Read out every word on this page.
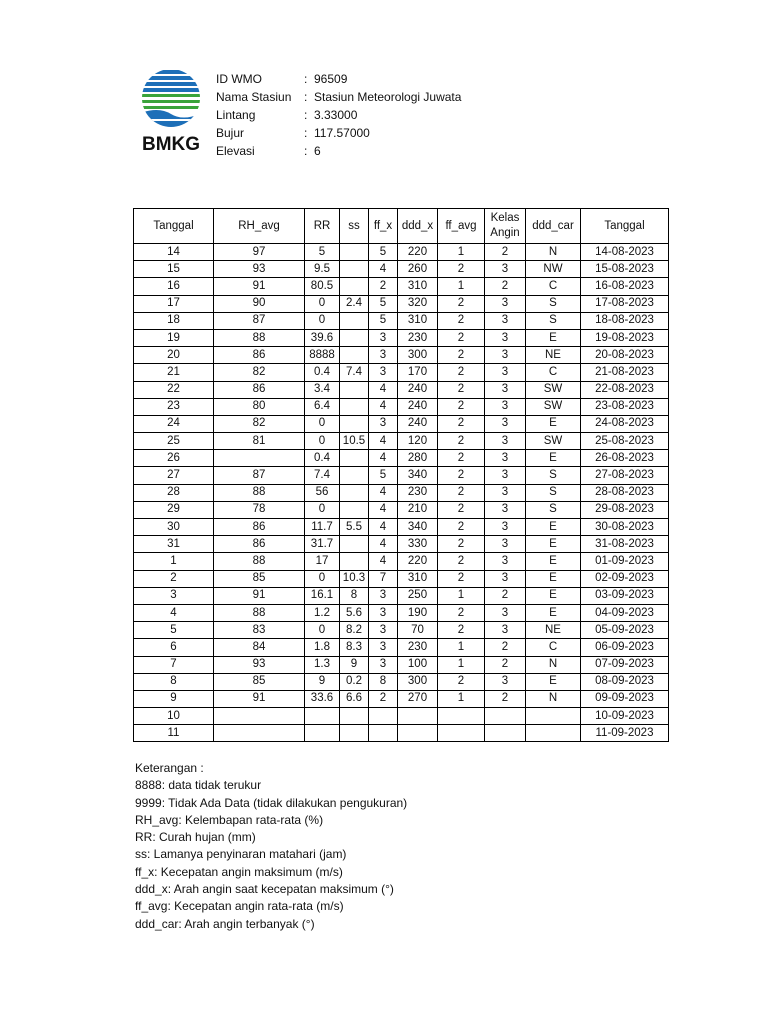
BMKG
ID WMO	: 96509
Nama Stasiun	: Stasiun Meteorologi Juwata
Lintang	: 3.33000
Bujur	: 117.57000
Elevasi	: 6
Tanggal	RH_avg	RR	ss	ff_x	ddd_x	ff_avg	Kelas
Angin	ddd_car	Tanggal
14	97	5		5	220	1	2	N	14-08-2023
15	93	9.5		4	260	2	3	NW	15-08-2023
16	91	80.5		2	310	1	2	C	16-08-2023
17	90	0	2.4	5	320	2	3	S	17-08-2023
18	87	0		5	310	2	3	S	18-08-2023
19	88	39.6		3	230	2	3	E	19-08-2023
20	86	8888		3	300	2	3	NE	20-08-2023
21	82	0.4	7.4	3	170	2	3	C	21-08-2023
22	86	3.4		4	240	2	3	SW	22-08-2023
23	80	6.4		4	240	2	3	SW	23-08-2023
24	82	0		3	240	2	3	E	24-08-2023
25	81	0	10.5	4	120	2	3	SW	25-08-2023
26		0.4		4	280	2	3	E	26-08-2023
27	87	7.4		5	340	2	3	S	27-08-2023
28	88	56		4	230	2	3	S	28-08-2023
29	78	0		4	210	2	3	S	29-08-2023
30	86	11.7	5.5	4	340	2	3	E	30-08-2023
31	86	31.7		4	330	2	3	E	31-08-2023
1	88	17		4	220	2	3	E	01-09-2023
2	85	0	10.3	7	310	2	3	E	02-09-2023
3	91	16.1	8	3	250	1	2	E	03-09-2023
4	88	1.2	5.6	3	190	2	3	E	04-09-2023
5	83	0	8.2	3	70	2	3	NE	05-09-2023
6	84	1.8	8.3	3	230	1	2	C	06-09-2023
7	93	1.3	9	3	100	1	2	N	07-09-2023
8	85	9	0.2	8	300	2	3	E	08-09-2023
9	91	33.6	6.6	2	270	1	2	N	09-09-2023
10									10-09-2023
11									11-09-2023
Keterangan :
8888: data tidak terukur
9999: Tidak Ada Data (tidak dilakukan pengukuran)
RH_avg: Kelembapan rata-rata (%)
RR: Curah hujan (mm)
ss: Lamanya penyinaran matahari (jam)
ff_x: Kecepatan angin maksimum (m/s)
ddd_x: Arah angin saat kecepatan maksimum (°)
ff_avg: Kecepatan angin rata-rata (m/s)
ddd_car: Arah angin terbanyak (°)
